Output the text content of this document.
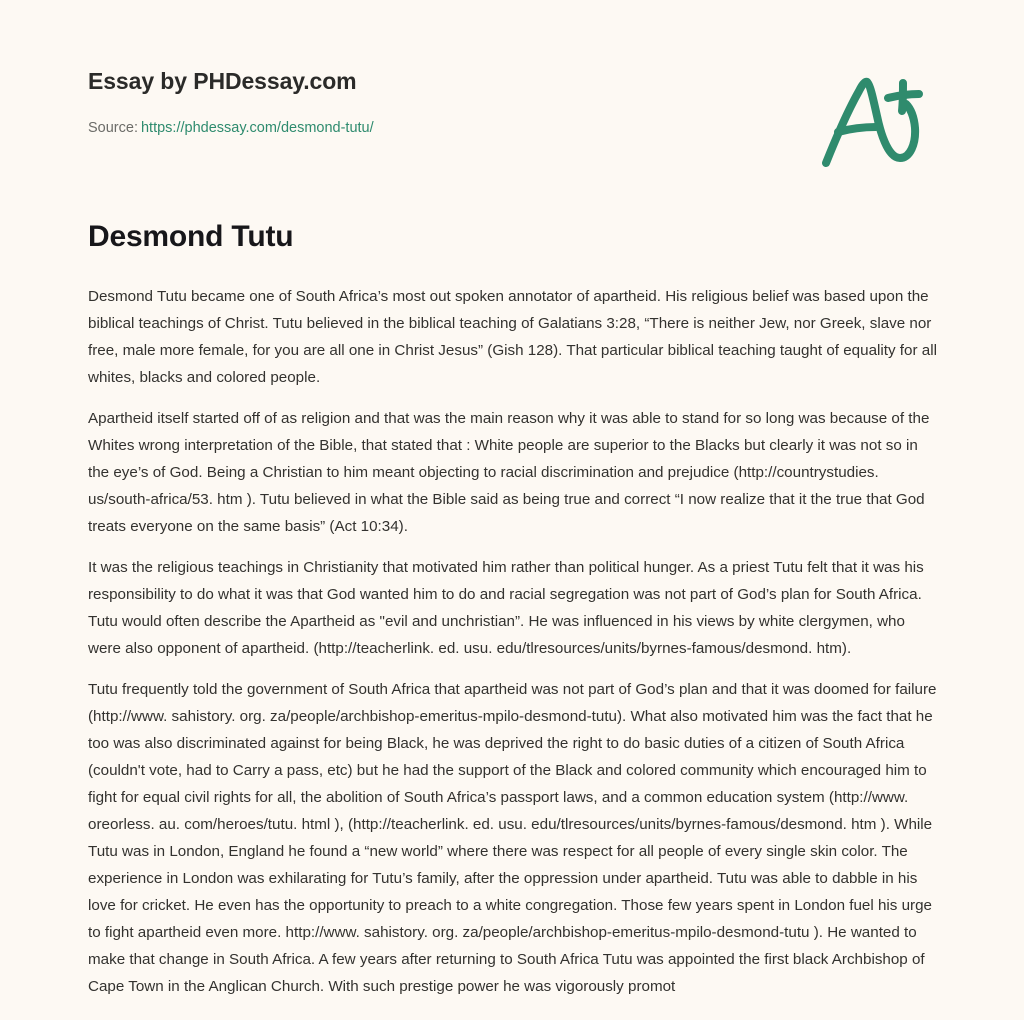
Essay by PHDessay.com
Source: https://phdessay.com/desmond-tutu/
Desmond Tutu

Desmond Tutu became one of South Africa’s most out spoken annotator of apartheid. His religious belief was based upon the biblical teachings of Christ. Tutu believed in the biblical teaching of Galatians 3:28, “There is neither Jew, nor Greek, slave nor free, male more female, for you are all one in Christ Jesus” (Gish 128). That particular biblical teaching taught of equality for all whites, blacks and colored people.

Apartheid itself started off of as religion and that was the main reason why it was able to stand for so long was because of the Whites wrong interpretation of the Bible, that stated that : White people are superior to the Blacks but clearly it was not so in the eye’s of God. Being a Christian to him meant objecting to racial discrimination and prejudice (http://countrystudies. us/south-africa/53. htm ). Tutu believed in what the Bible said as being true and correct “I now realize that it the true that God treats everyone on the same basis” (Act 10:34).

It was the religious teachings in Christianity that motivated him rather than political hunger. As a priest Tutu felt that it was his responsibility to do what it was that God wanted him to do and racial segregation was not part of God’s plan for South Africa. Tutu would often describe the Apartheid as "evil and unchristian”. He was influenced in his views by white clergymen, who were also opponent of apartheid. (http://teacherlink. ed. usu. edu/tlresources/units/byrnes-famous/desmond. htm).

Tutu frequently told the government of South Africa that apartheid was not part of God’s plan and that it was doomed for failure (http://www. sahistory. org. za/people/archbishop-emeritus-mpilo-desmond-tutu). What also motivated him was the fact that he too was also discriminated against for being Black, he was deprived the right to do basic duties of a citizen of South Africa (couldn't vote, had to Carry a pass, etc) but he had the support of the Black and colored community which encouraged him to fight for equal civil rights for all, the abolition of South Africa’s passport laws, and a common education system (http://www. oreorless. au. com/heroes/tutu. html ), (http://teacherlink. ed. usu. edu/tlresources/units/byrnes-famous/desmond. htm ). While Tutu was in London, England he found a “new world” where there was respect for all people of every single skin color. The experience in London was exhilarating for Tutu’s family, after the oppression under apartheid. Tutu was able to dabble in his love for cricket. He even has the opportunity to preach to a white congregation. Those few years spent in London fuel his urge to fight apartheid even more. http://www. sahistory. org. za/people/archbishop-emeritus-mpilo-desmond-tutu ). He wanted to make that change in South Africa. A few years after returning to South Africa Tutu was appointed the first black Archbishop of Cape Town in the Anglican Church. With such prestige power he was vigorously promot
